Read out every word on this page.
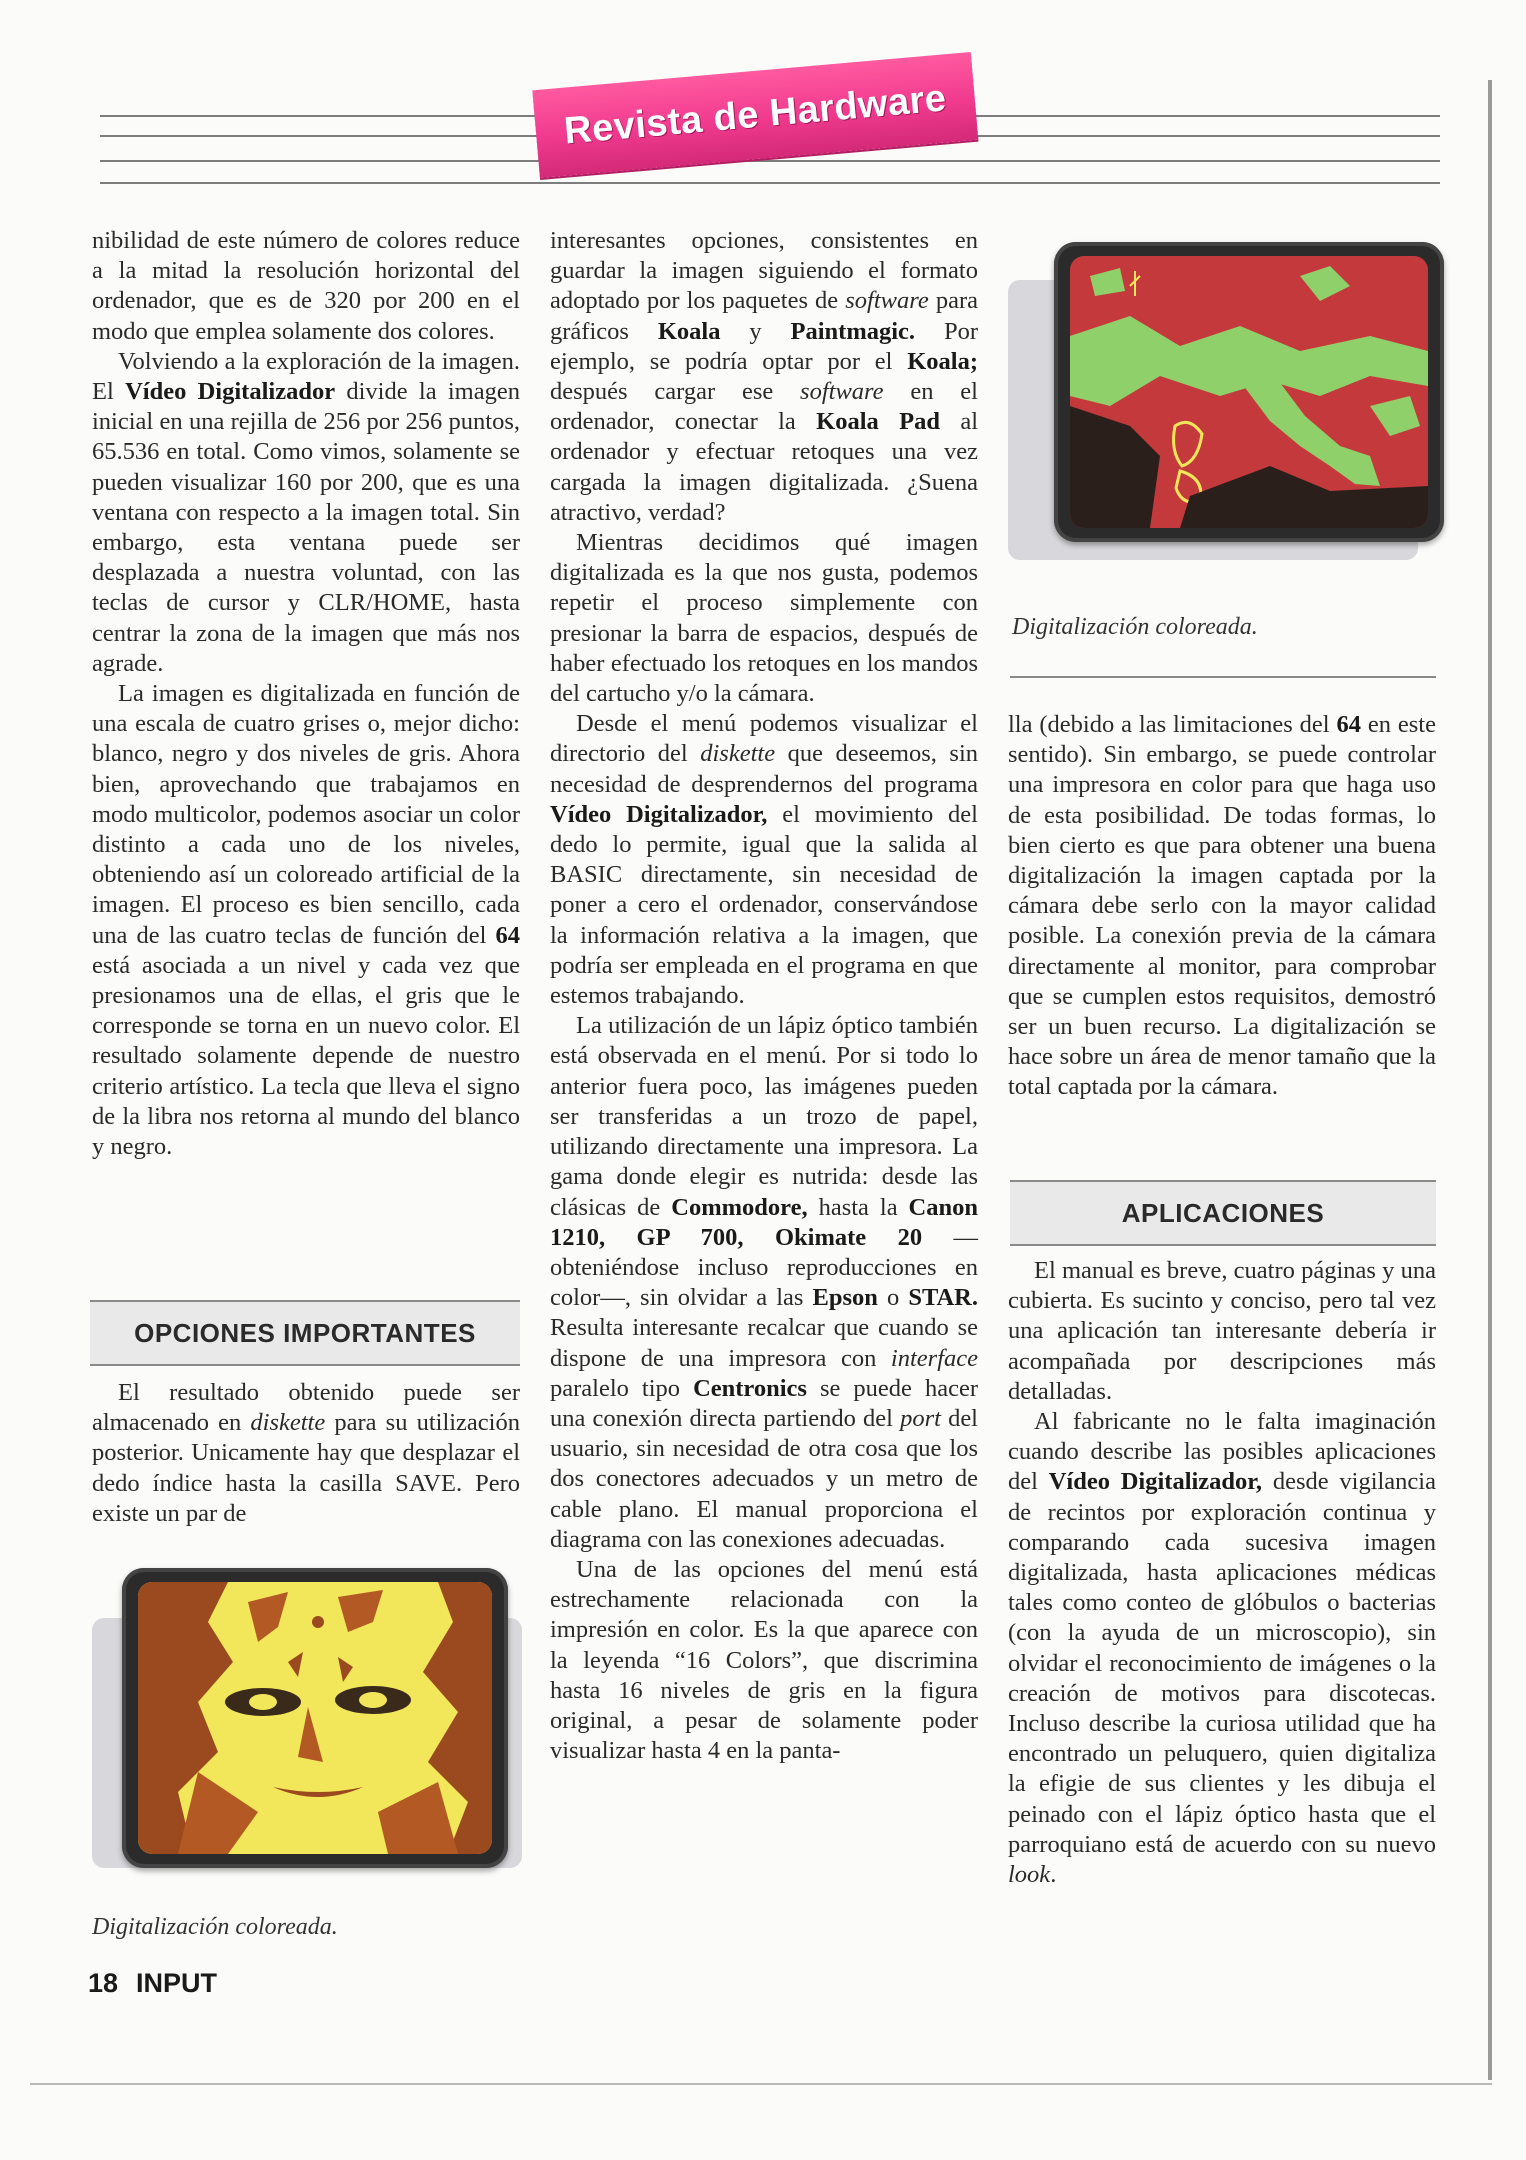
Revista de Hardware

nibilidad de este número de colores reduce a la mitad la resolución horizontal del ordenador, que es de 320 por 200 en el modo que emplea solamente dos colores.

Volviendo a la exploración de la imagen. El Vídeo Digitalizador divide la imagen inicial en una rejilla de 256 por 256 puntos, 65.536 en total. Como vimos, solamente se pueden visualizar 160 por 200, que es una ventana con respecto a la imagen total. Sin embargo, esta ventana puede ser desplazada a nuestra voluntad, con las teclas de cursor y CLR/HOME, hasta centrar la zona de la imagen que más nos agrade.

La imagen es digitalizada en función de una escala de cuatro grises o, mejor dicho: blanco, negro y dos niveles de gris. Ahora bien, aprovechando que trabajamos en modo multicolor, podemos asociar un color distinto a cada uno de los niveles, obteniendo así un coloreado artificial de la imagen. El proceso es bien sencillo, cada una de las cuatro teclas de función del 64 está asociada a un nivel y cada vez que presionamos una de ellas, el gris que le corresponde se torna en un nuevo color. El resultado solamente depende de nuestro criterio artístico. La tecla que lleva el signo de la libra nos retorna al mundo del blanco y negro.

OPCIONES IMPORTANTES

El resultado obtenido puede ser almacenado en diskette para su utilización posterior. Unicamente hay que desplazar el dedo índice hasta la casilla SAVE. Pero existe un par de

Digitalización coloreada.

interesantes opciones, consistentes en guardar la imagen siguiendo el formato adoptado por los paquetes de software para gráficos Koala y Paintmagic. Por ejemplo, se podría optar por el Koala; después cargar ese software en el ordenador, conectar la Koala Pad al ordenador y efectuar retoques una vez cargada la imagen digitalizada. ¿Suena atractivo, verdad?

Mientras decidimos qué imagen digitalizada es la que nos gusta, podemos repetir el proceso simplemente con presionar la barra de espacios, después de haber efectuado los retoques en los mandos del cartucho y/o la cámara.

Desde el menú podemos visualizar el directorio del diskette que deseemos, sin necesidad de desprendernos del programa Vídeo Digitalizador, el movimiento del dedo lo permite, igual que la salida al BASIC directamente, sin necesidad de poner a cero el ordenador, conservándose la información relativa a la imagen, que podría ser empleada en el programa en que estemos trabajando.

La utilización de un lápiz óptico también está observada en el menú. Por si todo lo anterior fuera poco, las imágenes pueden ser transferidas a un trozo de papel, utilizando directamente una impresora. La gama donde elegir es nutrida: desde las clásicas de Commodore, hasta la Canon 1210, GP 700, Okimate 20 —obteniéndose incluso reproducciones en color—, sin olvidar a las Epson o STAR. Resulta interesante recalcar que cuando se dispone de una impresora con interface paralelo tipo Centronics se puede hacer una conexión directa partiendo del port del usuario, sin necesidad de otra cosa que los dos conectores adecuados y un metro de cable plano. El manual proporciona el diagrama con las conexiones adecuadas.

Una de las opciones del menú está estrechamente relacionada con la impresión en color. Es la que aparece con la leyenda “16 Colors”, que discrimina hasta 16 niveles de gris en la figura original, a pesar de solamente poder visualizar hasta 4 en la panta-

Digitalización coloreada.

lla (debido a las limitaciones del 64 en este sentido). Sin embargo, se puede controlar una impresora en color para que haga uso de esta posibilidad. De todas formas, lo bien cierto es que para obtener una buena digitalización la imagen captada por la cámara debe serlo con la mayor calidad posible. La conexión previa de la cámara directamente al monitor, para comprobar que se cumplen estos requisitos, demostró ser un buen recurso. La digitalización se hace sobre un área de menor tamaño que la total captada por la cámara.

APLICACIONES

El manual es breve, cuatro páginas y una cubierta. Es sucinto y conciso, pero tal vez una aplicación tan interesante debería ir acompañada por descripciones más detalladas.

Al fabricante no le falta imaginación cuando describe las posibles aplicaciones del Vídeo Digitalizador, desde vigilancia de recintos por exploración continua y comparando cada sucesiva imagen digitalizada, hasta aplicaciones médicas tales como conteo de glóbulos o bacterias (con la ayuda de un microscopio), sin olvidar el reconocimiento de imágenes o la creación de motivos para discotecas. Incluso describe la curiosa utilidad que ha encontrado un peluquero, quien digitaliza la efigie de sus clientes y les dibuja el peinado con el lápiz óptico hasta que el parroquiano está de acuerdo con su nuevo look.

18 INPUT
